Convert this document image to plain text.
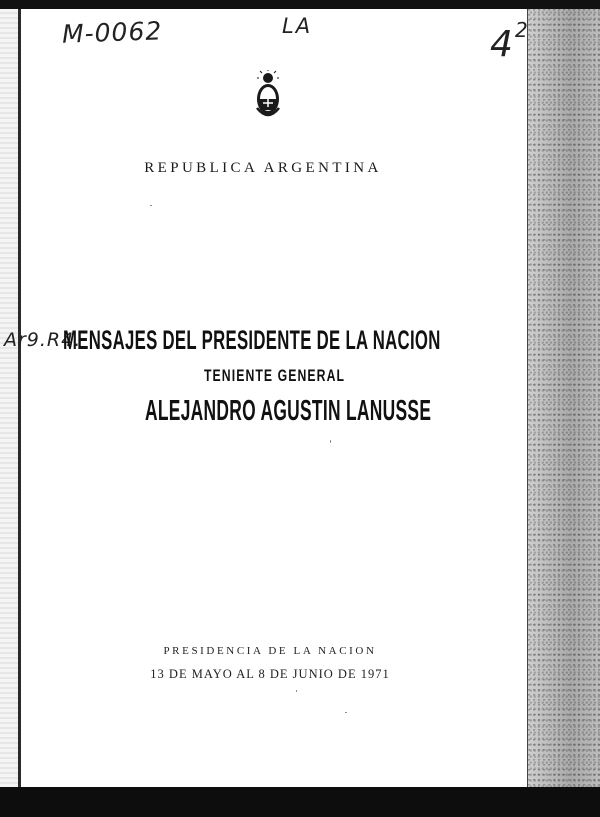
M-0062	LA	4 2
Ar9.R4.
REPUBLICA ARGENTINA
MENSAJES DEL PRESIDENTE DE LA NACION
TENIENTE GENERAL
ALEJANDRO AGUSTIN LANUSSE
PRESIDENCIA DE LA NACION
13 DE MAYO AL 8 DE JUNIO DE 1971
